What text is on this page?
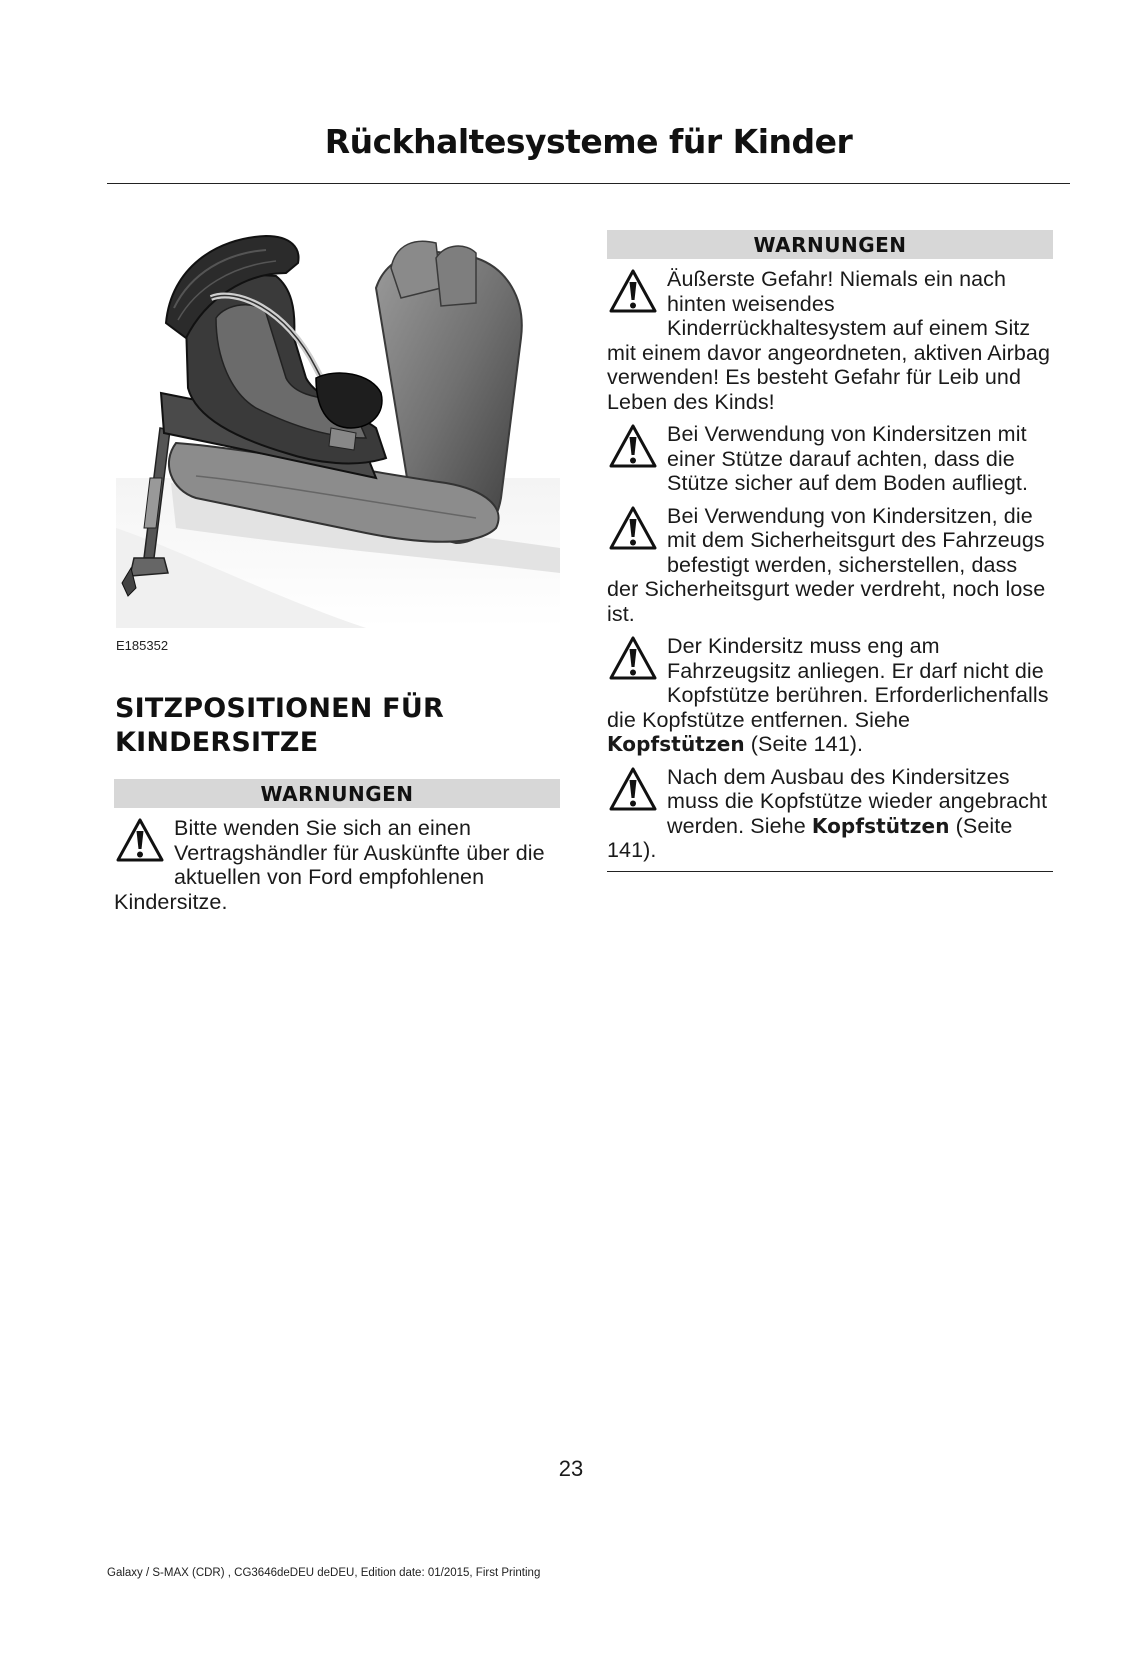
Rückhaltesysteme für Kinder
E185352
SITZPOSITIONEN FÜR KINDERSITZE
WARNUNGEN
Bitte wenden Sie sich an einen Vertragshändler für Auskünfte über die aktuellen von Ford empfohlenen Kindersitze.
WARNUNGEN
Äußerste Gefahr! Niemals ein nach hinten weisendes Kinderrückhaltesystem auf einem Sitz mit einem davor angeordneten, aktiven Airbag verwenden! Es besteht Gefahr für Leib und Leben des Kinds!
Bei Verwendung von Kindersitzen mit einer Stütze darauf achten, dass die Stütze sicher auf dem Boden aufliegt.
Bei Verwendung von Kindersitzen, die mit dem Sicherheitsgurt des Fahrzeugs befestigt werden, sicherstellen, dass der Sicherheitsgurt weder verdreht, noch lose ist.
Der Kindersitz muss eng am Fahrzeugsitz anliegen. Er darf nicht die Kopfstütze berühren. Erforderlichenfalls die Kopfstütze entfernen. Siehe Kopfstützen (Seite 141).
Nach dem Ausbau des Kindersitzes muss die Kopfstütze wieder angebracht werden. Siehe Kopfstützen (Seite 141).
23
Galaxy / S-MAX (CDR) , CG3646deDEU deDEU, Edition date: 01/2015, First Printing
